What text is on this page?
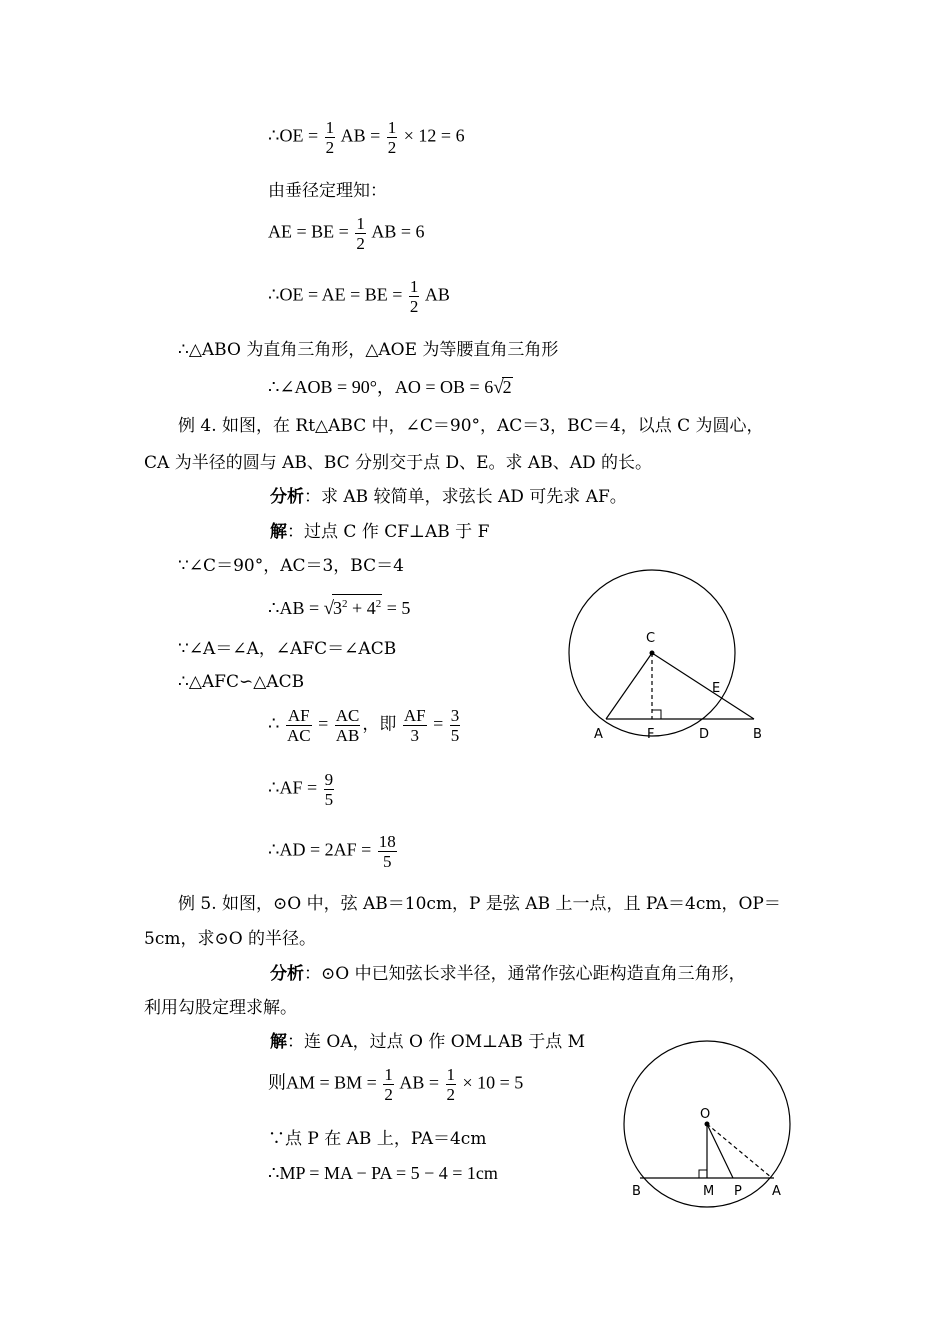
∴OE = $\frac{1}{2}$ AB = $\frac{1}{2} \times 12 = 6$
由垂径定理知：
AE = BE = $\frac{1}{2}$ AB = 6
∴OE = AE = BE = $\frac{1}{2}$ AB
∴△ABO 为直角三角形，△AOE 为等腰直角三角形
∴∠AOB = 90°，AO = OB = 6√2
例 4. 如图，在 Rt△ABC 中，∠C＝90°，AC＝3，BC＝4，以点 C 为圆心，
CA 为半径的圆与 AB、BC 分别交于点 D、E。求 AB、AD 的长。
分析：求 AB 较简单，求弦长 AD 可先求 AF。
解：过点 C 作 CF⊥AB 于 F
∵∠C＝90°，AC＝3，BC＝4
∴AB = $√3^2 + 4^2 = 5$
∵∠A＝∠A，∠AFC＝∠ACB
∴△AFC∽△ACB
∴ $\frac{AF}{AC} = \frac{AC}{AB}$ ，即 $\frac{AF}{3} = \frac{3}{5}$
∴AF = $\frac{9}{5}$
∴AD = $2AF = \frac{18}{5}$
C
E
A	F	D	B
例 5. 如图，⊙O 中，弦 AB＝10cm，P 是弦 AB 上一点，且 PA＝4cm，OP＝
5cm，求⊙O 的半径。
分析：⊙O 中已知弦长求半径，通常作弦心距构造直角三角形，
利用勾股定理求解。
解：连 OA，过点 O 作 OM⊥AB 于点 M
则AM = BM = $\frac{1}{2}$ AB = $\frac{1}{2} \times 10 = 5$
∵点 P 在 AB 上，PA＝4cm
∴MP = MA − PA = 5 − 4 = 1cm
O
B	M P A
